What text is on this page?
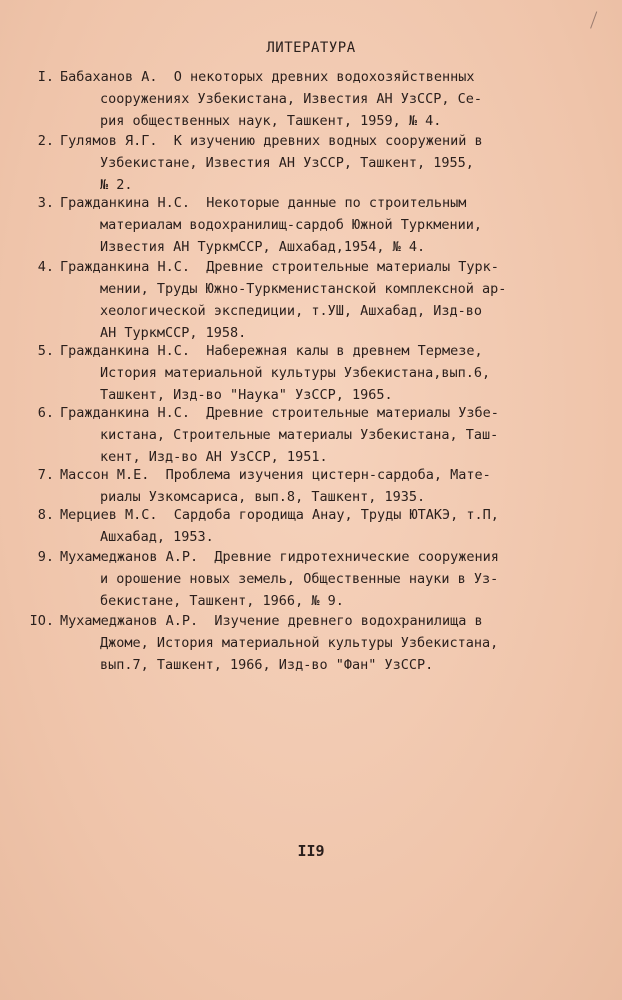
ЛИТЕРАТУРА
I. Бабаханов А.  О некоторых древних водохозяйственных
сооружениях Узбекистана, Известия АН УзССР, Се-
рия общественных наук, Ташкент, 1959, № 4.
2. Гулямов Я.Г.  К изучению древних водных сооружений в
Узбекистане, Известия АН УзССР, Ташкент, 1955,
№ 2.
3. Гражданкина Н.С.  Некоторые данные по строительным
материалам водохранилищ-сардоб Южной Туркмении,
Известия АН ТуркмССР, Ашхабад,1954, № 4.
4. Гражданкина Н.С.  Древние строительные материалы Турк-
мении, Труды Южно-Туркменистанской комплексной ар-
хеологической экспедиции, т.УШ, Ашхабад, Изд-во
АН ТуркмССР, 1958.
5. Гражданкина Н.С.  Набережная калы в древнем Термезе,
История материальной культуры Узбекистана,вып.6,
Ташкент, Изд-во "Наука" УзССР, 1965.
6. Гражданкина Н.С.  Древние строительные материалы Узбе-
кистана, Строительные материалы Узбекистана, Таш-
кент, Изд-во АН УзССР, 1951.
7. Массон М.Е.  Проблема изучения цистерн-сардоба, Мате-
риалы Узкомсариса, вып.8, Ташкент, 1935.
8. Мерциев М.С.  Сардоба городища Анау, Труды ЮТАКЭ, т.П,
Ашхабад, 1953.
9. Мухамеджанов А.Р.  Древние гидротехнические сооружения
и орошение новых земель, Общественные науки в Уз-
бекистане, Ташкент, 1966, № 9.
IO. Мухамеджанов А.Р.  Изучение древнего водохранилища в
Джоме, История материальной культуры Узбекистана,
вып.7, Ташкент, 1966, Изд-во "Фан" УзССР.
II9
